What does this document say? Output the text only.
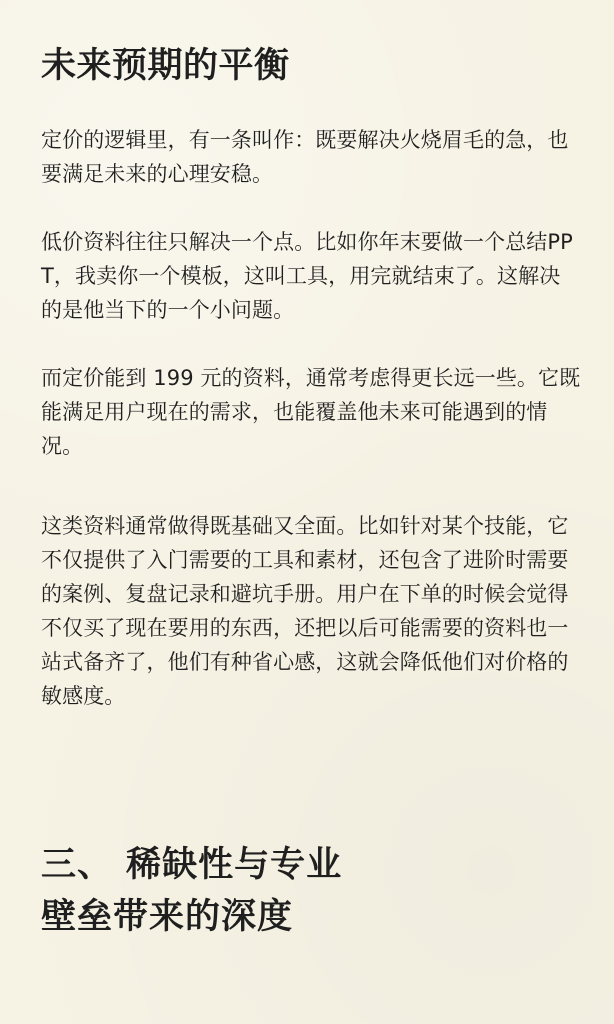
未来预期的平衡

定价的逻辑里，有一条叫作：既要解决火烧眉毛的急，也要满足未来的心理安稳。

低价资料往往只解决一个点。比如你年末要做一个总结PPT，我卖你一个模板，这叫工具，用完就结束了。这解决的是他当下的一个小问题。

而定价能到 199 元的资料，通常考虑得更长远一些。它既能满足用户现在的需求，也能覆盖他未来可能遇到的情况。

这类资料通常做得既基础又全面。比如针对某个技能，它不仅提供了入门需要的工具和素材，还包含了进阶时需要的案例、复盘记录和避坑手册。用户在下单的时候会觉得不仅买了现在要用的东西，还把以后可能需要的资料也一站式备齐了，他们有种省心感，这就会降低他们对价格的敏感度。

三、 稀缺性与专业
壁垒带来的深度
